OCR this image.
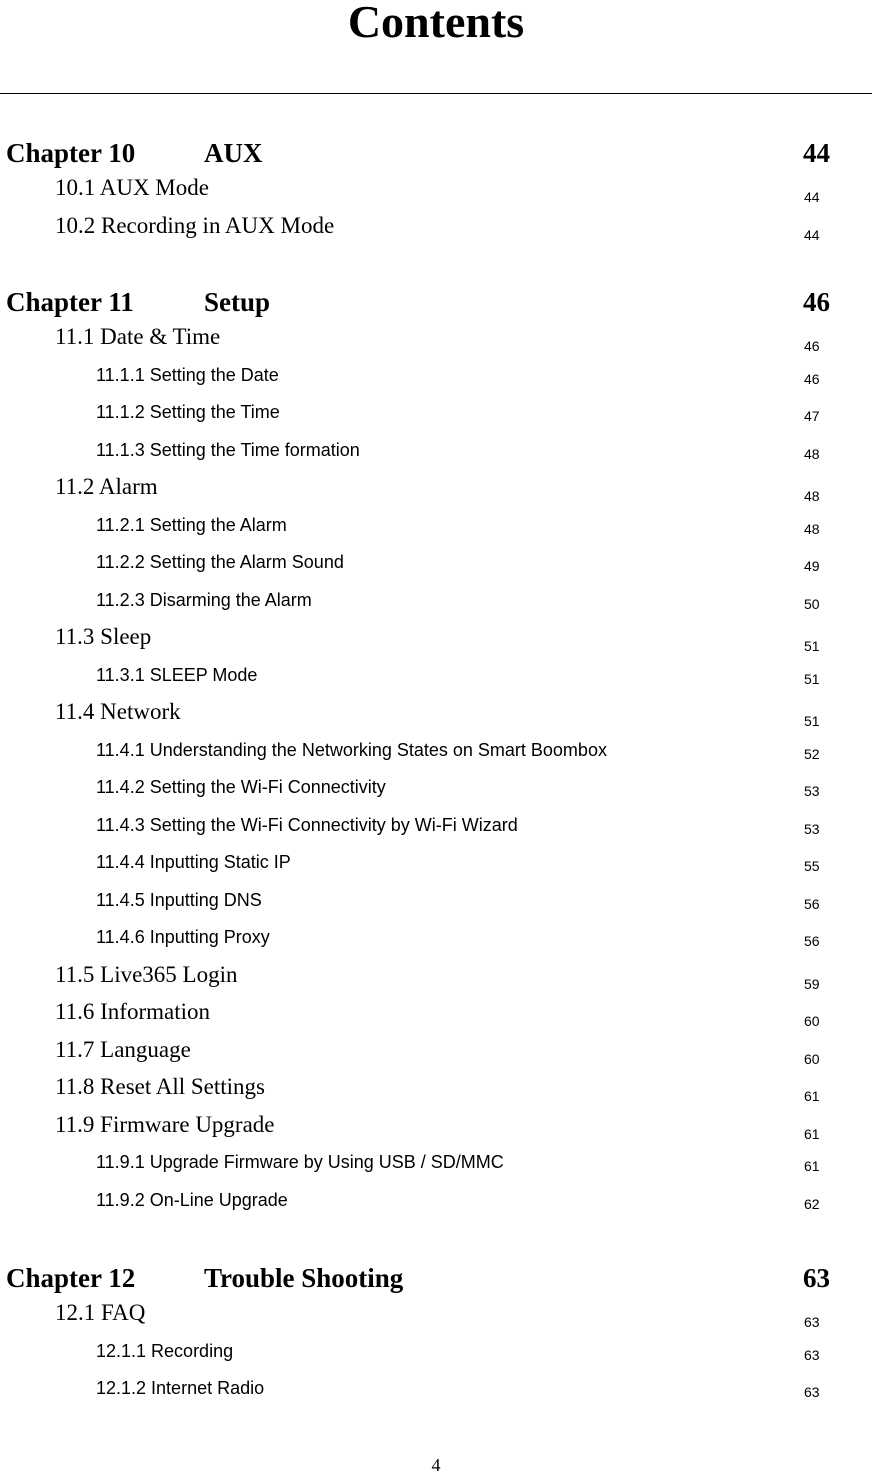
Contents
Chapter 10	AUX	44
10.1 AUX Mode	44
10.2 Recording in AUX Mode	44
Chapter 11	Setup	46
11.1 Date & Time	46
11.1.1 Setting the Date	46
11.1.2 Setting the Time	47
11.1.3 Setting the Time formation	48
11.2 Alarm	48
11.2.1 Setting the Alarm	48
11.2.2 Setting the Alarm Sound	49
11.2.3 Disarming the Alarm	50
11.3 Sleep	51
11.3.1 SLEEP Mode	51
11.4 Network	51
11.4.1 Understanding the Networking States on Smart Boombox	52
11.4.2 Setting the Wi-Fi Connectivity	53
11.4.3 Setting the Wi-Fi Connectivity by Wi-Fi Wizard	53
11.4.4 Inputting Static IP	55
11.4.5 Inputting DNS	56
11.4.6 Inputting Proxy	56
11.5 Live365 Login	59
11.6 Information	60
11.7 Language	60
11.8 Reset All Settings	61
11.9 Firmware Upgrade	61
11.9.1 Upgrade Firmware by Using USB / SD/MMC	61
11.9.2 On-Line Upgrade	62
Chapter 12	Trouble Shooting	63
12.1 FAQ	63
12.1.1 Recording	63
12.1.2 Internet Radio	63
4
